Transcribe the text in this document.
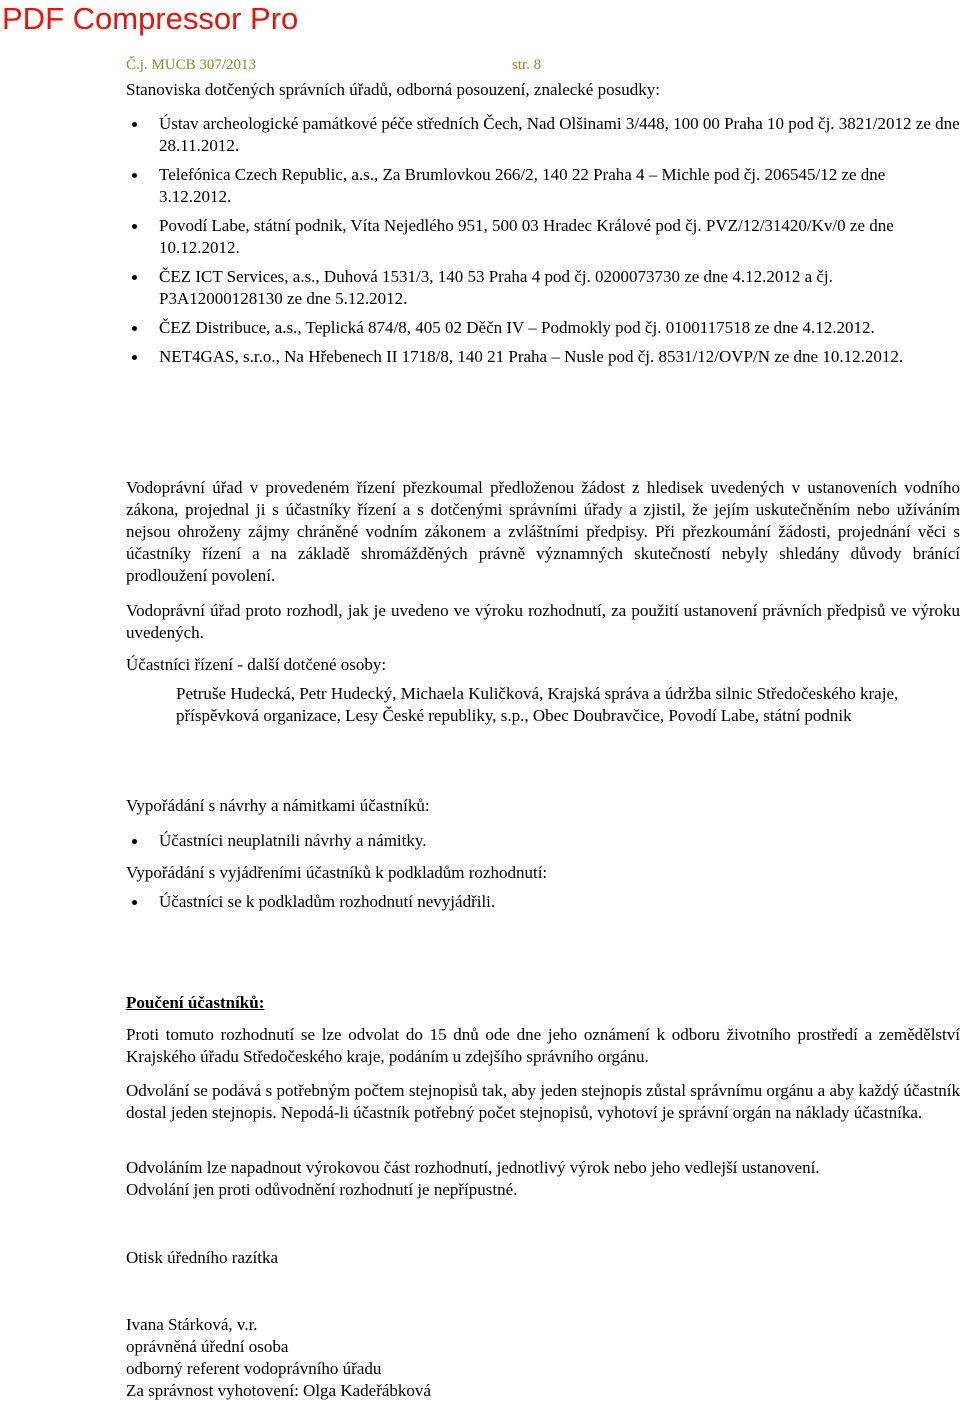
PDF Compressor Pro
Č.j. MUCB 307/2013	str. 8
Stanoviska dotčených správních úřadů, odborná posouzení, znalecké posudky:
Ústav archeologické památkové péče středních Čech, Nad Olšinami 3/448, 100 00 Praha 10 pod čj. 3821/2012 ze dne 28.11.2012.
Telefónica Czech Republic, a.s., Za Brumlovkou 266/2, 140 22 Praha 4 – Michle pod čj. 206545/12 ze dne 3.12.2012.
Povodí Labe, státní podnik, Víta Nejedlého 951, 500 03 Hradec Králové pod čj. PVZ/12/31420/Kv/0 ze dne 10.12.2012.
ČEZ ICT Services, a.s., Duhová 1531/3, 140 53 Praha 4 pod čj. 0200073730 ze dne 4.12.2012 a čj. P3A12000128130 ze dne 5.12.2012.
ČEZ Distribuce, a.s., Teplická 874/8, 405 02 Děčn IV – Podmokly pod čj. 0100117518 ze dne 4.12.2012.
NET4GAS, s.r.o., Na Hřebenech II 1718/8, 140 21 Praha – Nusle pod čj. 8531/12/OVP/N ze dne 10.12.2012.
Vodoprávní úřad v provedeném řízení přezkoumal předloženou žádost z hledisek uvedených v ustanoveních vodního zákona, projednal ji s účastníky řízení a s dotčenými správními úřady a zjistil, že jejím uskutečněním nebo užíváním nejsou ohroženy zájmy chráněné vodním zákonem a zvláštními předpisy. Při přezkoumání žádosti, projednání věci s účastníky řízení a na základě shromážděných právně významných skutečností nebyly shledány důvody bránící prodloužení povolení.
Vodoprávní úřad proto rozhodl, jak je uvedeno ve výroku rozhodnutí, za použití ustanovení právních předpisů ve výroku uvedených.
Účastníci řízení - další dotčené osoby:
Petruše Hudecká, Petr Hudecký, Michaela Kuličková, Krajská správa a údržba silnic Středočeského kraje, příspěvková organizace, Lesy České republiky, s.p., Obec Doubravčice, Povodí Labe, státní podnik
Vypořádání s návrhy a námitkami účastníků:
Účastníci neuplatnili návrhy a námitky.
Vypořádání s vyjádřeními účastníků k podkladům rozhodnutí:
Účastníci se k podkladům rozhodnutí nevyjádřili.
Poučení účastníků:
Proti tomuto rozhodnutí se lze odvolat do 15 dnů ode dne jeho oznámení k odboru životního prostředí a zemědělství Krajského úřadu Středočeského kraje, podáním u zdejšího správního orgánu.
Odvolání se podává s potřebným počtem stejnopisů tak, aby jeden stejnopis zůstal správnímu orgánu a aby každý účastník dostal jeden stejnopis. Nepodá-li účastník potřebný počet stejnopisů, vyhotoví je správní orgán na náklady účastníka.
Odvoláním lze napadnout výrokovou část rozhodnutí, jednotlivý výrok nebo jeho vedlejší ustanovení.
Odvolání jen proti odůvodnění rozhodnutí je nepřípustné.
Otisk úředního razítka
Ivana Stárková, v.r.
oprávněná úřední osoba
odborný referent vodoprávního úřadu
Za správnost vyhotovení: Olga Kadeřábková
